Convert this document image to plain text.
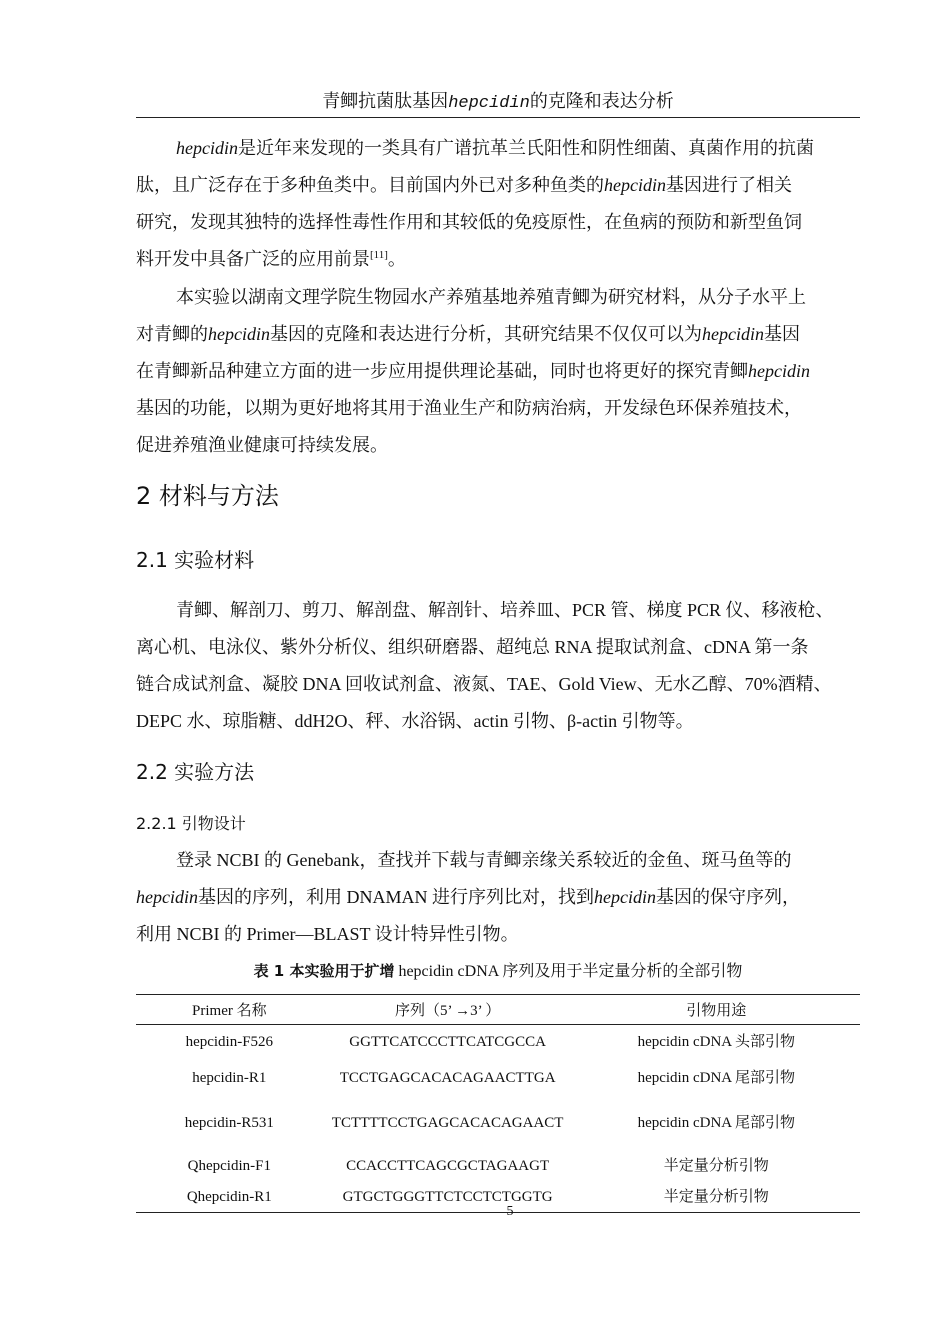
青鲫抗菌肽基因hepcidin的克隆和表达分析
hepcidin是近年来发现的一类具有广谱抗革兰氏阳性和阴性细菌、真菌作用的抗菌
肽，且广泛存在于多种鱼类中。目前国内外已对多种鱼类的hepcidin基因进行了相关
研究，发现其独特的选择性毒性作用和其较低的免疫原性，在鱼病的预防和新型鱼饲
料开发中具备广泛的应用前景[11]。
本实验以湖南文理学院生物园水产养殖基地养殖青鲫为研究材料，从分子水平上
对青鲫的hepcidin基因的克隆和表达进行分析，其研究结果不仅仅可以为hepcidin基因
在青鲫新品种建立方面的进一步应用提供理论基础，同时也将更好的探究青鲫hepcidin
基因的功能，以期为更好地将其用于渔业生产和防病治病，开发绿色环保养殖技术，
促进养殖渔业健康可持续发展。
2 材料与方法
2.1 实验材料
青鲫、解剖刀、剪刀、解剖盘、解剖针、培养皿、PCR 管、梯度 PCR 仪、移液枪、
离心机、电泳仪、紫外分析仪、组织研磨器、超纯总 RNA 提取试剂盒、cDNA 第一条
链合成试剂盒、凝胶 DNA 回收试剂盒、液氮、TAE、Gold View、无水乙醇、70%酒精、
DEPC 水、琼脂糖、ddH2O、秤、水浴锅、actin 引物、β-actin 引物等。
2.2 实验方法
2.2.1 引物设计
登录 NCBI 的 Genebank，查找并下载与青鲫亲缘关系较近的金鱼、斑马鱼等的
hepcidin基因的序列，利用 DNAMAN 进行序列比对，找到hepcidin基因的保守序列，
利用 NCBI 的 Primer—BLAST 设计特异性引物。
表 1 本实验用于扩增 hepcidin cDNA 序列及用于半定量分析的全部引物
Primer 名称	序列（5’ →3’ ）	引物用途
hepcidin-F526	GGTTCATCCCTTCATCGCCA	hepcidin cDNA 头部引物
hepcidin-R1	TCCTGAGCACACAGAACTTGA	hepcidin cDNA 尾部引物
hepcidin-R531	TCTTTTCCTGAGCACACAGAACT	hepcidin cDNA 尾部引物
Qhepcidin-F1	CCACCTTCAGCGCTAGAAGT	半定量分析引物
Qhepcidin-R1	GTGCTGGGTTCTCCTCTGGTG	半定量分析引物
5
